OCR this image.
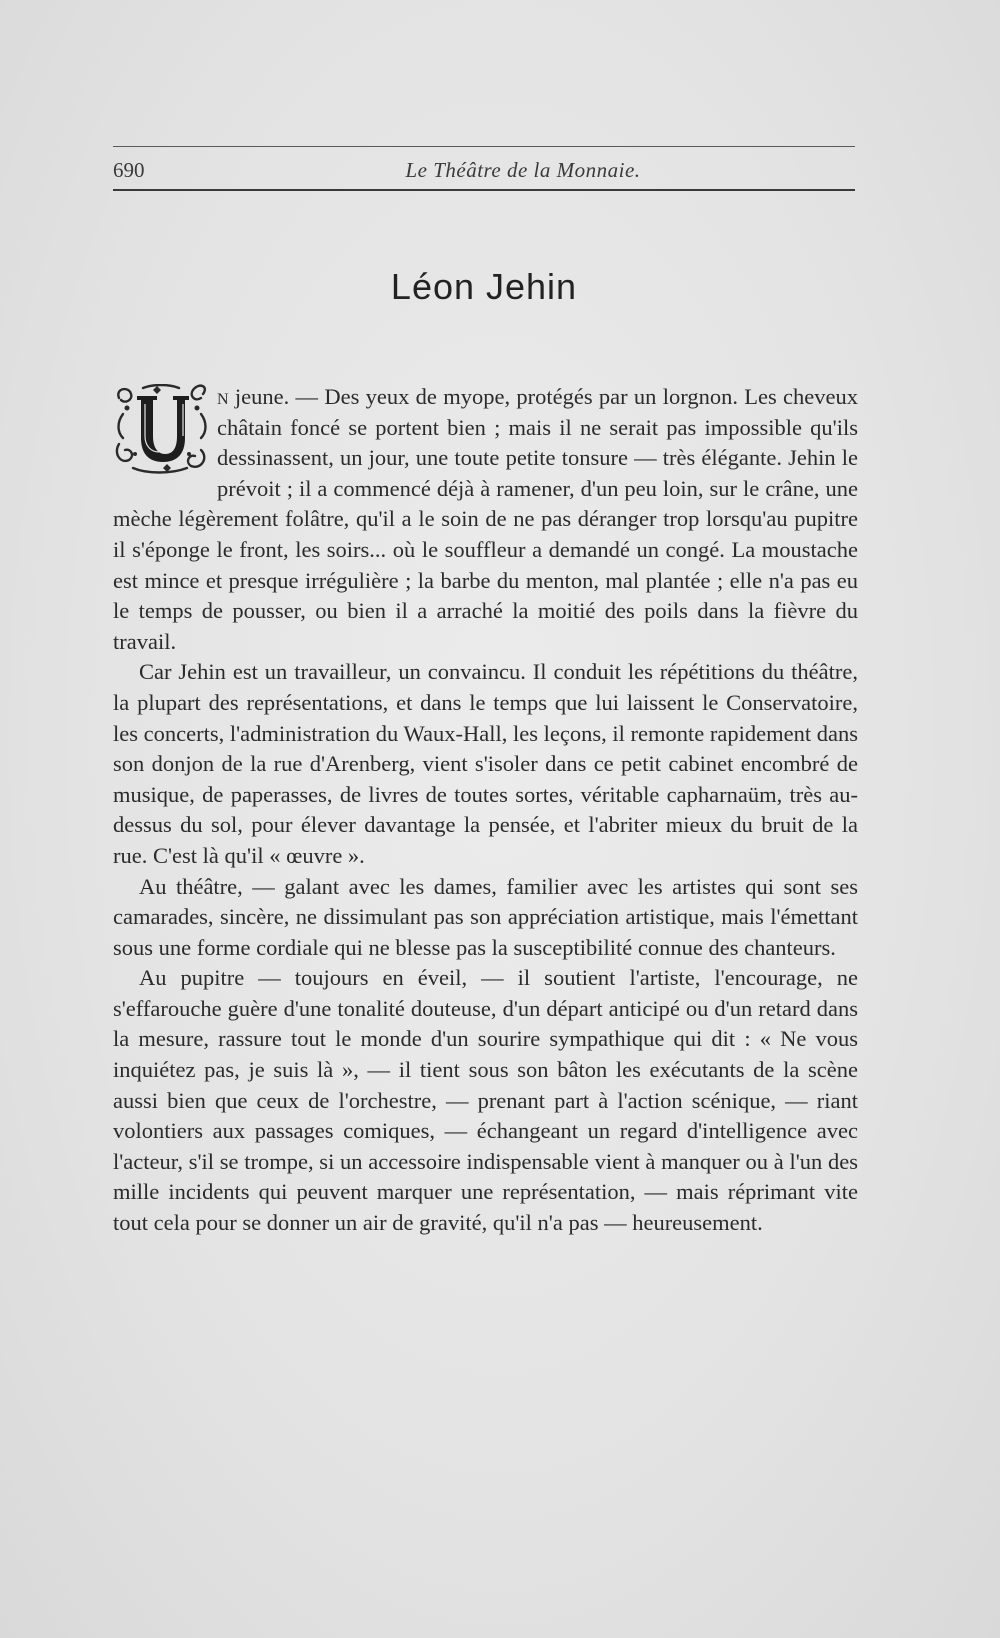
690	Le Théâtre de la Monnaie.
Léon Jehin

n jeune. — Des yeux de myope, protégés par un lorgnon. Les cheveux châtain foncé se portent bien ; mais il ne serait pas impossible qu'ils dessinassent, un jour, une toute petite tonsure — très élégante. Jehin le prévoit ; il a commencé déjà à ramener, d'un peu loin, sur le crâne, une mèche légèrement folâtre, qu'il a le soin de ne pas déranger trop lorsqu'au pupitre il s'éponge le front, les soirs... où le souffleur a demandé un congé. La moustache est mince et presque irrégulière ; la barbe du menton, mal plantée ; elle n'a pas eu le temps de pousser, ou bien il a arraché la moitié des poils dans la fièvre du travail.

Car Jehin est un travailleur, un convaincu. Il conduit les répétitions du théâtre, la plupart des représentations, et dans le temps que lui laissent le Conservatoire, les concerts, l'administration du Waux-Hall, les leçons, il remonte rapidement dans son donjon de la rue d'Arenberg, vient s'isoler dans ce petit cabinet encombré de musique, de paperasses, de livres de toutes sortes, véritable capharnaüm, très au-dessus du sol, pour élever davantage la pensée, et l'abriter mieux du bruit de la rue. C'est là qu'il « œuvre ».

Au théâtre, — galant avec les dames, familier avec les artistes qui sont ses camarades, sincère, ne dissimulant pas son appréciation artistique, mais l'émettant sous une forme cordiale qui ne blesse pas la susceptibilité connue des chanteurs.

Au pupitre — toujours en éveil, — il soutient l'artiste, l'encourage, ne s'effarouche guère d'une tonalité douteuse, d'un départ anticipé ou d'un retard dans la mesure, rassure tout le monde d'un sourire sympathique qui dit : « Ne vous inquiétez pas, je suis là », — il tient sous son bâton les exécutants de la scène aussi bien que ceux de l'orchestre, — prenant part à l'action scénique, — riant volontiers aux passages comiques, — échangeant un regard d'intelligence avec l'acteur, s'il se trompe, si un accessoire indispensable vient à manquer ou à l'un des mille incidents qui peuvent marquer une représentation, — mais réprimant vite tout cela pour se donner un air de gravité, qu'il n'a pas — heureusement.
